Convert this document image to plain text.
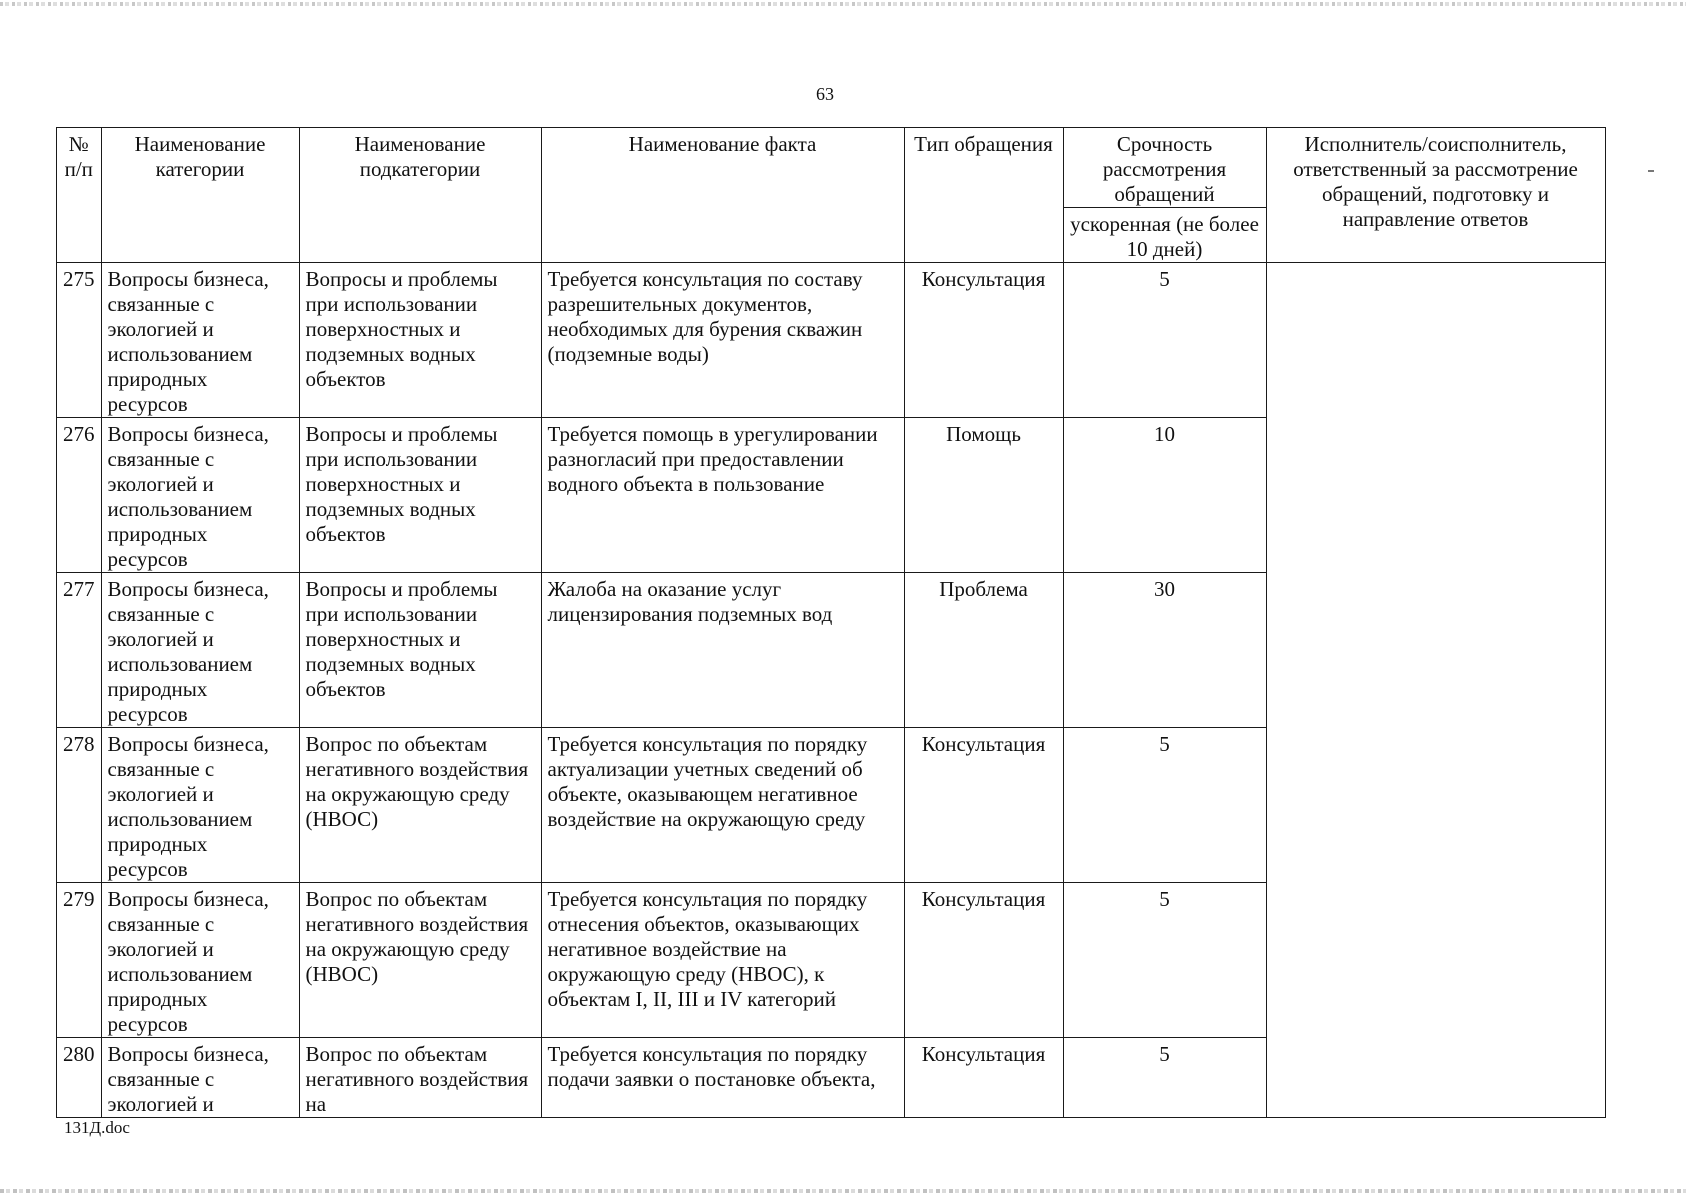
63
№ п/п	Наименование категории	Наименование подкатегории	Наименование факта	Тип обращения	Срочность рассмотрения обращений	Исполнитель/соисполнитель, ответственный за рассмотрение обращений, подготовку и направление ответов
					ускоренная (не более 10 дней)	
275	Вопросы бизнеса, связанные с экологией и использованием природных ресурсов	Вопросы и проблемы при использовании поверхностных и подземных водных объектов	Требуется консультация по составу разрешительных документов, необходимых для бурения скважин (подземные воды)	Консультация	5	
276	Вопросы бизнеса, связанные с экологией и использованием природных ресурсов	Вопросы и проблемы при использовании поверхностных и подземных водных объектов	Требуется помощь в урегулировании разногласий при предоставлении водного объекта в пользование	Помощь	10	
277	Вопросы бизнеса, связанные с экологией и использованием природных ресурсов	Вопросы и проблемы при использовании поверхностных и подземных водных объектов	Жалоба на оказание услуг лицензирования подземных вод	Проблема	30	
278	Вопросы бизнеса, связанные с экологией и использованием природных ресурсов	Вопрос по объектам негативного воздействия на окружающую среду (НВОС)	Требуется консультация по порядку актуализации учетных сведений об объекте, оказывающем негативное воздействие на окружающую среду	Консультация	5	
279	Вопросы бизнеса, связанные с экологией и использованием природных ресурсов	Вопрос по объектам негативного воздействия на окружающую среду (НВОС)	Требуется консультация по порядку отнесения объектов, оказывающих негативное воздействие на окружающую среду (НВОС), к объектам I, II, III и IV категорий	Консультация	5	
280	Вопросы бизнеса, связанные с экологией и	Вопрос по объектам негативного воздействия на	Требуется консультация по порядку подачи заявки о постановке объекта,	Консультация	5	
131Д.doc
